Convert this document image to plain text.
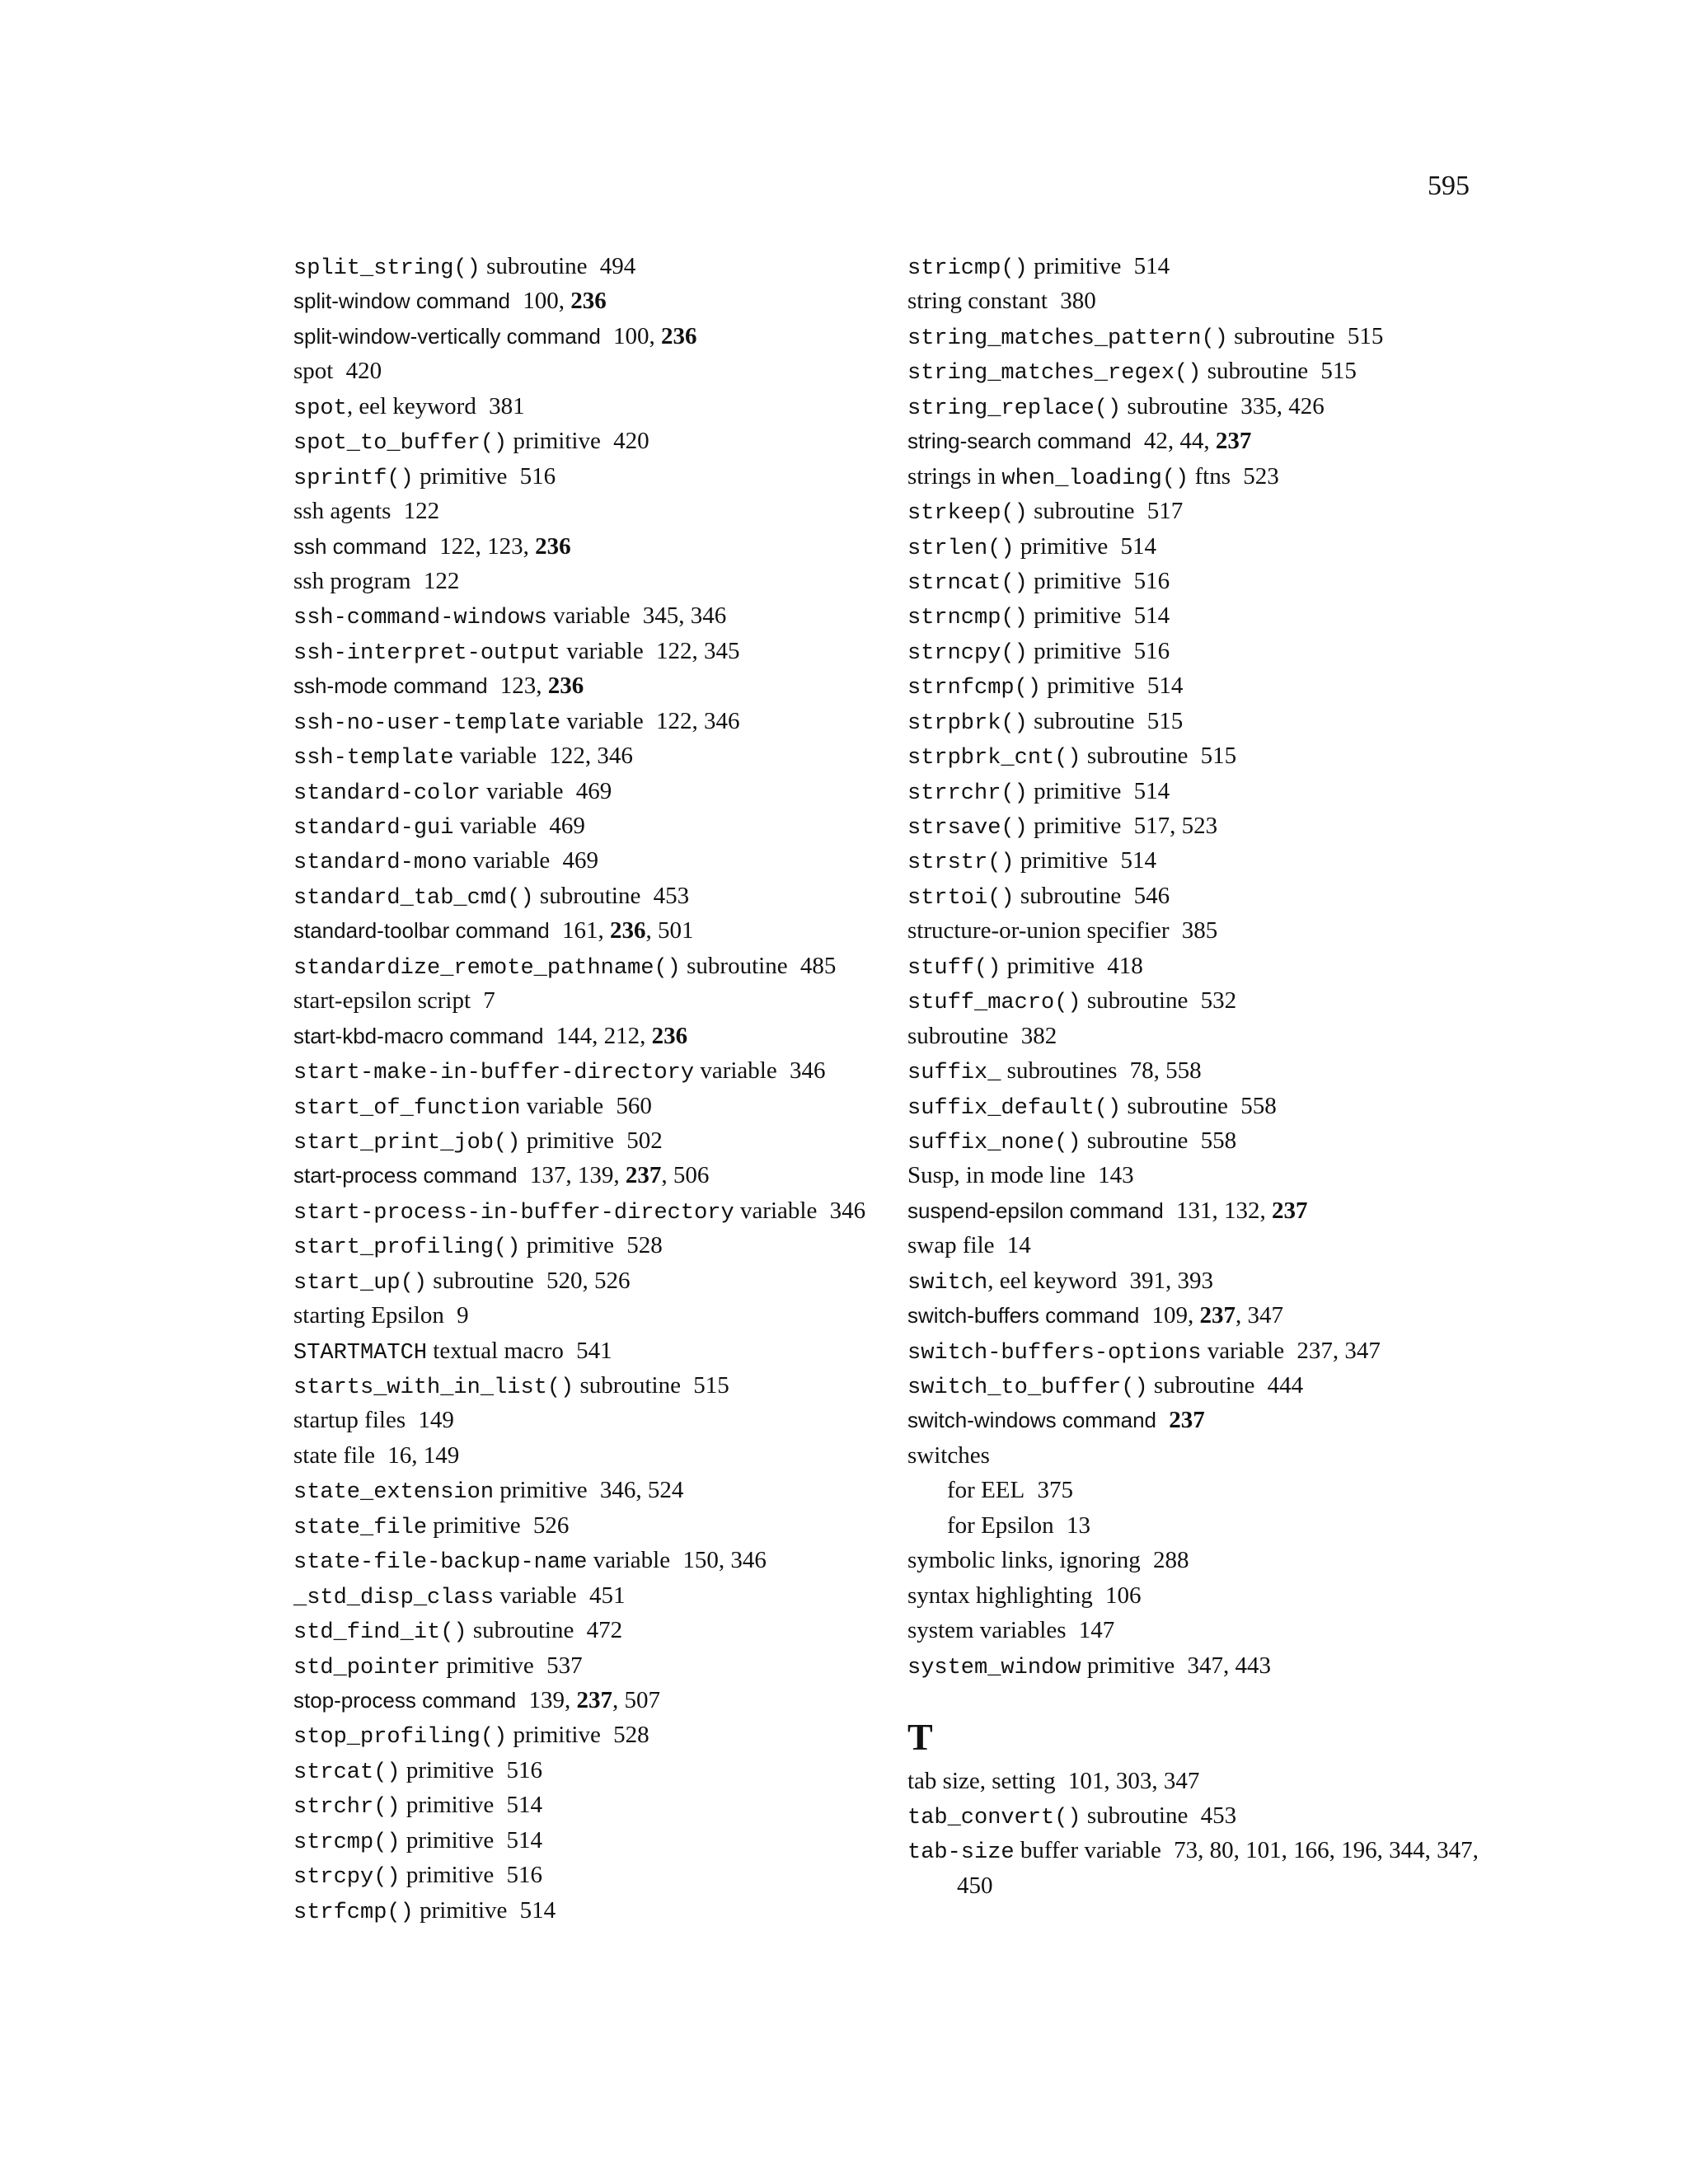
595
split_string() subroutine 494
split-window command 100, 236
split-window-vertically command 100, 236
spot 420
spot, eel keyword 381
spot_to_buffer() primitive 420
sprintf() primitive 516
ssh agents 122
ssh command 122, 123, 236
ssh program 122
ssh-command-windows variable 345, 346
ssh-interpret-output variable 122, 345
ssh-mode command 123, 236
ssh-no-user-template variable 122, 346
ssh-template variable 122, 346
standard-color variable 469
standard-gui variable 469
standard-mono variable 469
standard_tab_cmd() subroutine 453
standard-toolbar command 161, 236, 501
standardize_remote_pathname() subroutine 485
start-epsilon script 7
start-kbd-macro command 144, 212, 236
start-make-in-buffer-directory variable 346
start_of_function variable 560
start_print_job() primitive 502
start-process command 137, 139, 237, 506
start-process-in-buffer-directory variable 346
start_profiling() primitive 528
start_up() subroutine 520, 526
starting Epsilon 9
STARTMATCH textual macro 541
starts_with_in_list() subroutine 515
startup files 149
state file 16, 149
state_extension primitive 346, 524
state_file primitive 526
state-file-backup-name variable 150, 346
_std_disp_class variable 451
std_find_it() subroutine 472
std_pointer primitive 537
stop-process command 139, 237, 507
stop_profiling() primitive 528
strcat() primitive 516
strchr() primitive 514
strcmp() primitive 514
strcpy() primitive 516
strfcmp() primitive 514
stricmp() primitive 514
string constant 380
string_matches_pattern() subroutine 515
string_matches_regex() subroutine 515
string_replace() subroutine 335, 426
string-search command 42, 44, 237
strings in when_loading() ftns 523
strkeep() subroutine 517
strlen() primitive 514
strncat() primitive 516
strncmp() primitive 514
strncpy() primitive 516
strnfcmp() primitive 514
strpbrk() subroutine 515
strpbrk_cnt() subroutine 515
strrchr() primitive 514
strsave() primitive 517, 523
strstr() primitive 514
strtoi() subroutine 546
structure-or-union specifier 385
stuff() primitive 418
stuff_macro() subroutine 532
subroutine 382
suffix_ subroutines 78, 558
suffix_default() subroutine 558
suffix_none() subroutine 558
Susp, in mode line 143
suspend-epsilon command 131, 132, 237
swap file 14
switch, eel keyword 391, 393
switch-buffers command 109, 237, 347
switch-buffers-options variable 237, 347
switch_to_buffer() subroutine 444
switch-windows command 237
switches
for EEL 375
for Epsilon 13
symbolic links, ignoring 288
syntax highlighting 106
system variables 147
system_window primitive 347, 443
T
tab size, setting 101, 303, 347
tab_convert() subroutine 453
tab-size buffer variable 73, 80, 101, 166, 196, 344, 347, 450
